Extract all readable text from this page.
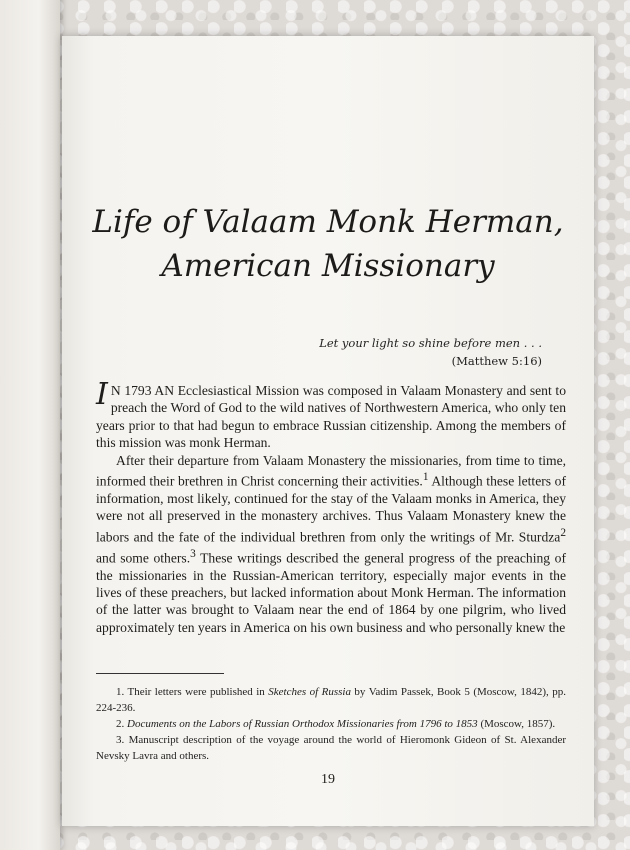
Life of Valaam Monk Herman,
American Missionary
Let your light so shine before men . . .
(Matthew 5:16)

I N 1793 AN Ecclesiastical Mission was composed in Valaam Monastery and sent to preach the Word of God to the wild natives of Northwestern America, who only ten years prior to that had begun to embrace Russian citizenship. Among the members of this mission was monk Herman.

After their departure from Valaam Monastery the missionaries, from time to time, informed their brethren in Christ concerning their activities.$^1$ Although these letters of information, most likely, continued for the stay of the Valaam monks in America, they were not all preserved in the monastery archives. Thus Valaam Monastery knew the labors and the fate of the individual brethren from only the writings of Mr. Sturdza$^2$ and some others.$^3$ These writings described the general progress of the preaching of the missionaries in the Russian-American territory, especially major events in the lives of these preachers, but lacked information about Monk Herman. The information of the latter was brought to Valaam near the end of 1864 by one pilgrim, who lived approximately ten years in America on his own business and who personally knew the

1. Their letters were published in Sketches of Russia by Vadim Passek, Book 5 (Moscow, 1842), pp. 224-236.

2. Documents on the Labors of Russian Orthodox Missionaries from 1796 to 1853 (Moscow, 1857).

3. Manuscript description of the voyage around the world of Hieromonk Gideon of St. Alexander Nevsky Lavra and others.

19
